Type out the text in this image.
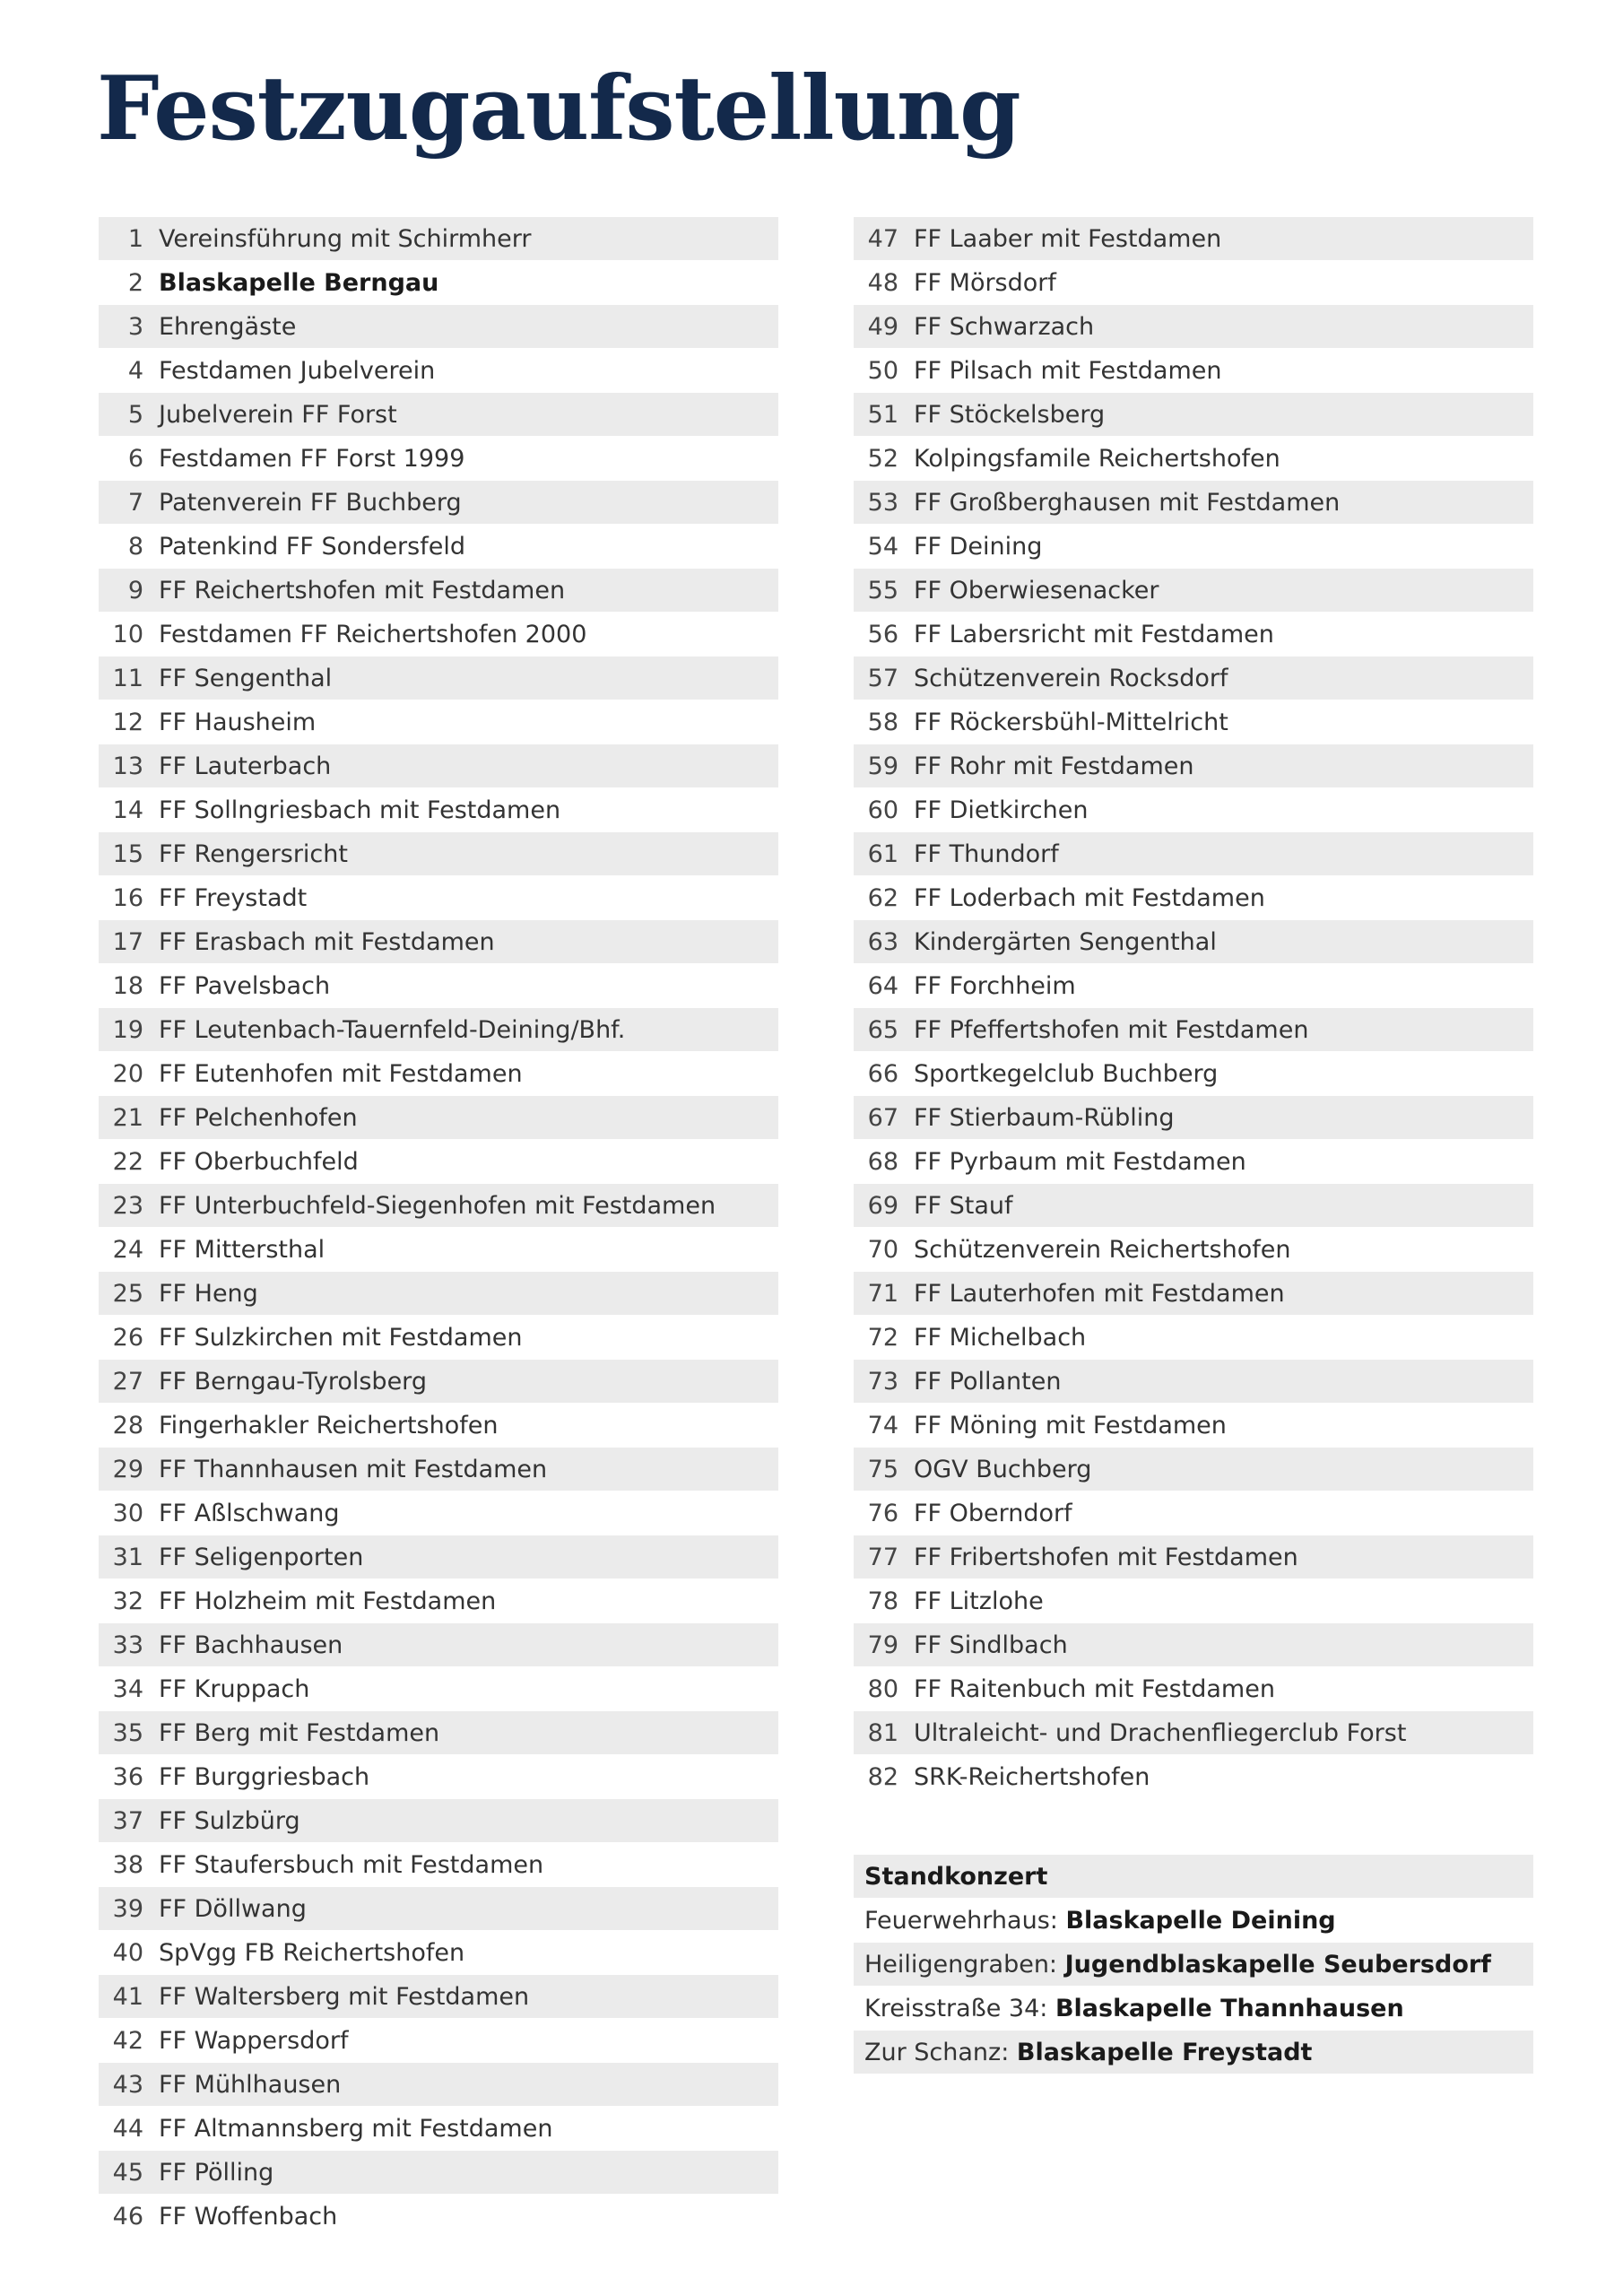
Festzugaufstellung
1 Vereinsführung mit Schirmherr
2 Blaskapelle Berngau
3 Ehrengäste
4 Festdamen Jubelverein
5 Jubelverein FF Forst
6 Festdamen FF Forst 1999
7 Patenverein FF Buchberg
8 Patenkind FF Sondersfeld
9 FF Reichertshofen mit Festdamen
10 Festdamen FF Reichertshofen 2000
11 FF Sengenthal
12 FF Hausheim
13 FF Lauterbach
14 FF Sollngriesbach mit Festdamen
15 FF Rengersricht
16 FF Freystadt
17 FF Erasbach mit Festdamen
18 FF Pavelsbach
19 FF Leutenbach-Tauernfeld-Deining/Bhf.
20 FF Eutenhofen mit Festdamen
21 FF Pelchenhofen
22 FF Oberbuchfeld
23 FF Unterbuchfeld-Siegenhofen mit Festdamen
24 FF Mittersthal
25 FF Heng
26 FF Sulzkirchen mit Festdamen
27 FF Berngau-Tyrolsberg
28 Fingerhakler Reichertshofen
29 FF Thannhausen mit Festdamen
30 FF Aßlschwang
31 FF Seligenporten
32 FF Holzheim mit Festdamen
33 FF Bachhausen
34 FF Kruppach
35 FF Berg mit Festdamen
36 FF Burggriesbach
37 FF Sulzbürg
38 FF Staufersbuch mit Festdamen
39 FF Döllwang
40 SpVgg FB Reichertshofen
41 FF Waltersberg mit Festdamen
42 FF Wappersdorf
43 FF Mühlhausen
44 FF Altmannsberg mit Festdamen
45 FF Pölling
46 FF Woffenbach
47 FF Laaber mit Festdamen
48 FF Mörsdorf
49 FF Schwarzach
50 FF Pilsach mit Festdamen
51 FF Stöckelsberg
52 Kolpingsfamile Reichertshofen
53 FF Großberghausen mit Festdamen
54 FF Deining
55 FF Oberwiesenacker
56 FF Labersricht mit Festdamen
57 Schützenverein Rocksdorf
58 FF Röckersbühl-Mittelricht
59 FF Rohr mit Festdamen
60 FF Dietkirchen
61 FF Thundorf
62 FF Loderbach mit Festdamen
63 Kindergärten Sengenthal
64 FF Forchheim
65 FF Pfeffertshofen mit Festdamen
66 Sportkegelclub Buchberg
67 FF Stierbaum-Rübling
68 FF Pyrbaum mit Festdamen
69 FF Stauf
70 Schützenverein Reichertshofen
71 FF Lauterhofen mit Festdamen
72 FF Michelbach
73 FF Pollanten
74 FF Möning mit Festdamen
75 OGV Buchberg
76 FF Oberndorf
77 FF Fribertshofen mit Festdamen
78 FF Litzlohe
79 FF Sindlbach
80 FF Raitenbuch mit Festdamen
81 Ultraleicht- und Drachenfliegerclub Forst
82 SRK-Reichertshofen
Standkonzert
Feuerwehrhaus:
Blaskapelle Deining
Heiligengraben:
Jugendblaskapelle Seubersdorf
Kreisstraße 34:
Blaskapelle Thannhausen
Zur Schanz:
Blaskapelle Freystadt
